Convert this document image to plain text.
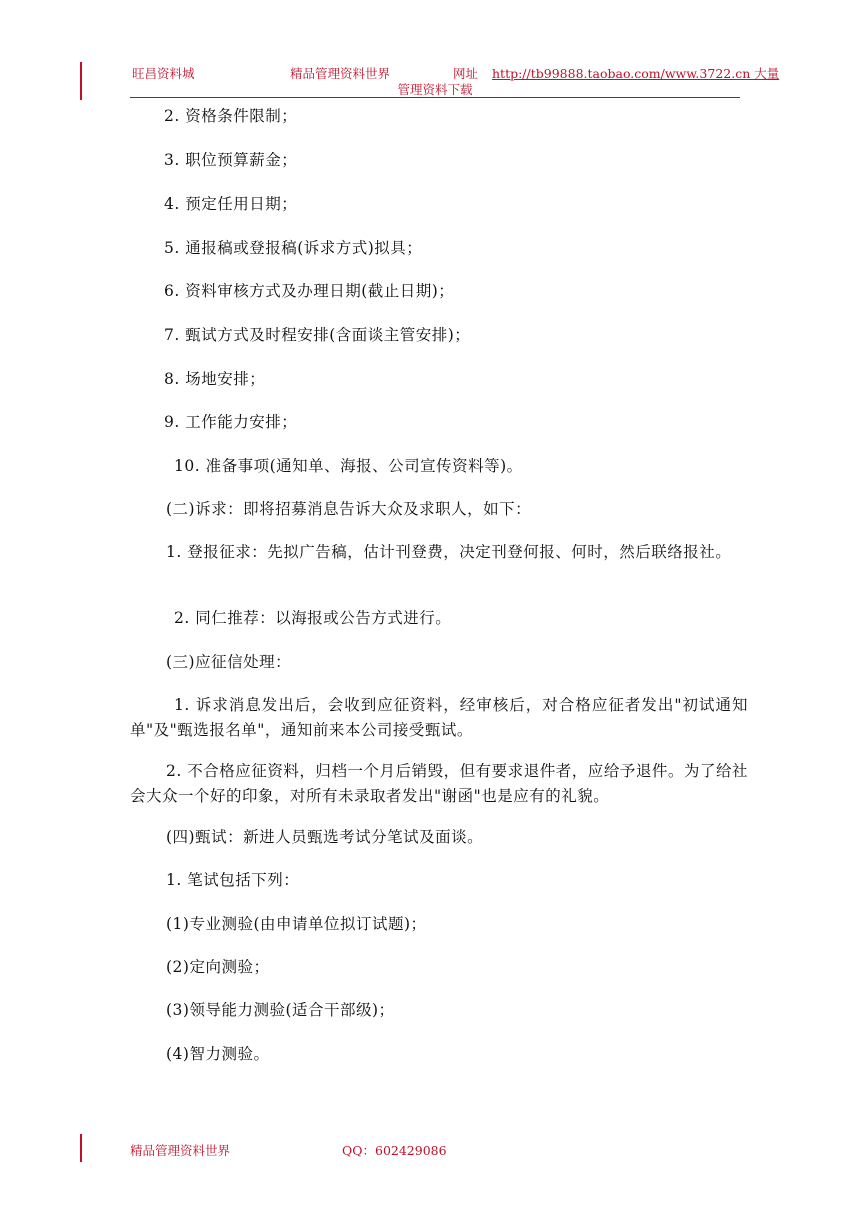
旺昌资料城	精品管理资料世界	网址 http://tb99888.taobao.com/www.3722.cn 大量
管理资料下载

2. 资格条件限制；

3. 职位预算薪金；

4. 预定任用日期；

5. 通报稿或登报稿(诉求方式)拟具；

6. 资料审核方式及办理日期(截止日期)；

7. 甄试方式及时程安排(含面谈主管安排)；

8. 场地安排；

9. 工作能力安排；

10. 准备事项(通知单、海报、公司宣传资料等)。

(二)诉求：即将招募消息告诉大众及求职人，如下：

1. 登报征求：先拟广告稿，估计刊登费，决定刊登何报、何时，然后联络报社。

2. 同仁推荐：以海报或公告方式进行。

(三)应征信处理：

1. 诉求消息发出后，会收到应征资料，经审核后，对合格应征者发出"初试通知单"及"甄选报名单"，通知前来本公司接受甄试。

2. 不合格应征资料，归档一个月后销毁，但有要求退件者，应给予退件。为了给社会大众一个好的印象，对所有未录取者发出"谢函"也是应有的礼貌。

(四)甄试：新进人员甄选考试分笔试及面谈。

1. 笔试包括下列：

(1)专业测验(由申请单位拟订试题)；

(2)定向测验；

(3)领导能力测验(适合干部级)；

(4)智力测验。

精品管理资料世界	QQ：602429086
